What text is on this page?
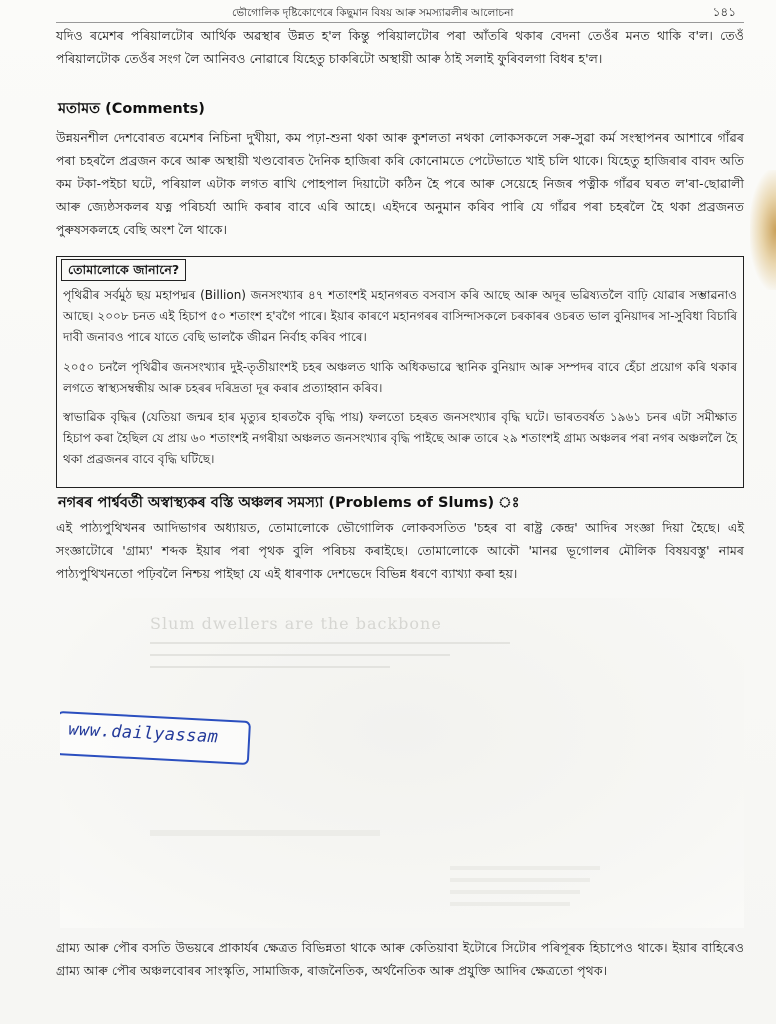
ভৌগোলিক দৃষ্টিকোণেৰে কিছুমান বিষয় আৰু সমস্যাৱলীৰ আলোচনা	১৪১
যদিও ৰমেশৰ পৰিয়ালটোৰ আৰ্থিক অৱস্থাৰ উন্নত হ'ল কিন্তু পৰিয়ালটোৰ পৰা আঁতৰি থকাৰ বেদনা তেওঁৰ মনত থাকি ব'ল। তেওঁ পৰিয়ালটোক তেওঁৰ সংগ লৈ আনিবও নোৱাৰে যিহেতু চাকৰিটো অস্থায়ী আৰু ঠাই সলাই ফুৰিবলগা বিধৰ হ'ল।
মতামত (Comments)
উন্নয়নশীল দেশবোৰত ৰমেশৰ নিচিনা দুখীয়া, কম পঢ়া-শুনা থকা আৰু কুশলতা নথকা লোকসকলে সৰু-সুৱা কৰ্ম সংস্থাপনৰ আশাৰে গাঁৱৰ পৰা চহৰলৈ প্ৰব্ৰজন কৰে আৰু অস্থায়ী খণ্ডবোৰত দৈনিক হাজিৰা কৰি কোনোমতে পেটেভাতে খাই চলি থাকে। যিহেতু হাজিৰাৰ বাবদ অতি কম টকা-পইচা ঘটে, পৰিয়াল এটাক লগত ৰাখি পোহপাল দিয়াটো কঠিন হৈ পৰে আৰু সেয়েহে নিজৰ পত্নীক গাঁৱৰ ঘৰত ল'ৰা-ছোৱালী আৰু জ্যেষ্ঠসকলৰ যত্ন পৰিচৰ্যা আদি কৰাৰ বাবে এৰি আহে। এইদৰে অনুমান কৰিব পাৰি যে গাঁৱৰ পৰা চহৰলৈ হৈ থকা প্ৰব্ৰজনত পুৰুষসকলহে বেছি অংশ লৈ থাকে।
তোমালোকে জানানে?
পৃথিৱীৰ সৰ্বমুঠ ছয় মহাপদ্মৰ (Billion) জনসংখ্যাৰ ৪৭ শতাংশই মহানগৰত বসবাস কৰি আছে আৰু অদূৰ ভৱিষ্যতলৈ বাঢ়ি যোৱাৰ সম্ভাৱনাও আছে। ২০০৮ চনত এই হিচাপ ৫০ শতাংশ হ'বগৈ পাৰে। ইয়াৰ কাৰণে মহানগৰৰ বাসিন্দাসকলে চৰকাৰৰ ওচৰত ভাল বুনিয়াদৰ সা-সুবিধা বিচাৰি দাবী জনাবও পাৰে যাতে বেছি ভালকৈ জীৱন নিৰ্বাহ কৰিব পাৰে।
২০৫০ চনলৈ পৃথিৱীৰ জনসংখ্যাৰ দুই-তৃতীয়াংশই চহৰ অঞ্চলত থাকি অধিকভাৱে স্থানিক বুনিয়াদ আৰু সম্পদৰ বাবে হেঁচা প্ৰয়োগ কৰি থকাৰ লগতে স্বাস্থ্যসম্বন্ধীয় আৰু চহৰৰ দৰিদ্ৰতা দূৰ কৰাৰ প্ৰত্যাহ্বান কৰিব।
স্বাভাৱিক বৃদ্ধিৰ (যেতিয়া জন্মৰ হাৰ মৃত্যুৰ হাৰতকৈ বৃদ্ধি পায়) ফলতো চহৰত জনসংখ্যাৰ বৃদ্ধি ঘটে। ভাৰতবৰ্ষত ১৯৬১ চনৰ এটা সমীক্ষাত হিচাপ কৰা হৈছিল যে প্ৰায় ৬০ শতাংশই নগৰীয়া অঞ্চলত জনসংখ্যাৰ বৃদ্ধি পাইছে আৰু তাৰে ২৯ শতাংশই গ্ৰাম্য অঞ্চলৰ পৰা নগৰ অঞ্চললৈ হৈ থকা প্ৰব্ৰজনৰ বাবে বৃদ্ধি ঘটিছে।
নগৰৰ পাৰ্শ্ববৰ্তী অস্বাস্থ্যকৰ বস্তি অঞ্চলৰ সমস্যা (Problems of Slums) ঃ
এই পাঠ্যপুথিখনৰ আদিভাগৰ অধ্যায়ত, তোমালোকে ভৌগোলিক লোকবসতিত 'চহৰ বা ৰাষ্ট্ৰ কেন্দ্ৰ' আদিৰ সংজ্ঞা দিয়া হৈছে। এই সংজ্ঞাটোৰে 'গ্ৰাম্য' শব্দক ইয়াৰ পৰা পৃথক বুলি পৰিচয় কৰাইছে। তোমালোকে আকৌ 'মানৱ ভূগোলৰ মৌলিক বিষয়বস্তু' নামৰ পাঠ্যপুথিখনতো পঢ়িবলৈ নিশ্চয় পাইছা যে এই ধাৰণাক দেশভেদে বিভিন্ন ধৰণে ব্যাখ্যা কৰা হয়।
Slum dwellers are the backbone
www.dailyassam
গ্ৰাম্য আৰু পৌৰ বসতি উভয়ৰে প্ৰাকাৰ্যৰ ক্ষেত্ৰত বিভিন্নতা থাকে আৰু কেতিয়াবা ইটোৰে সিটোৰ পৰিপূৰক হিচাপেও থাকে। ইয়াৰ বাহিৰেও গ্ৰাম্য আৰু পৌৰ অঞ্চলবোৰৰ সাংস্কৃতি, সামাজিক, ৰাজনৈতিক, অৰ্থনৈতিক আৰু প্ৰযুক্তি আদিৰ ক্ষেত্ৰতো পৃথক।
